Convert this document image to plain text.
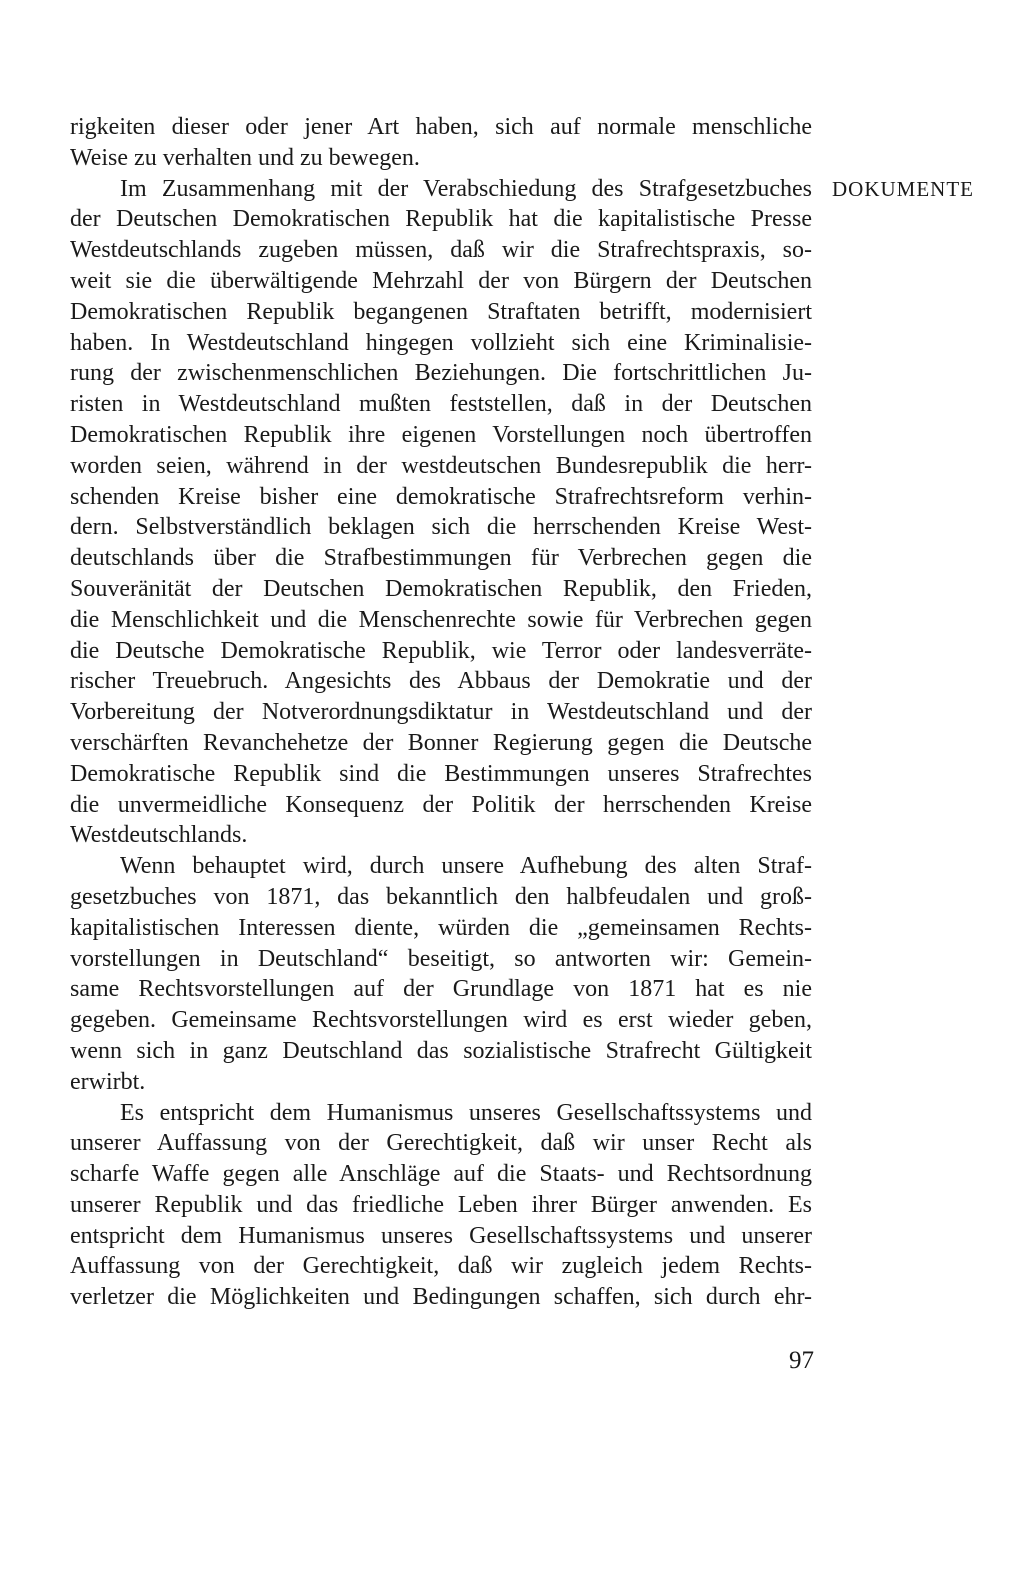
rigkeiten dieser oder jener Art haben, sich auf normale menschliche
Weise zu verhalten und zu bewegen.
Im Zusammenhang mit der Verabschiedung des Strafgesetzbuches
der Deutschen Demokratischen Republik hat die kapitalistische Presse
Westdeutschlands zugeben müssen, daß wir die Strafrechtspraxis, so-
weit sie die überwältigende Mehrzahl der von Bürgern der Deutschen
Demokratischen Republik begangenen Straftaten betrifft, modernisiert
haben. In Westdeutschland hingegen vollzieht sich eine Kriminalisie-
rung der zwischenmenschlichen Beziehungen. Die fortschrittlichen Ju-
risten in Westdeutschland mußten feststellen, daß in der Deutschen
Demokratischen Republik ihre eigenen Vorstellungen noch übertroffen
worden seien, während in der westdeutschen Bundesrepublik die herr-
schenden Kreise bisher eine demokratische Strafrechtsreform verhin-
dern. Selbstverständlich beklagen sich die herrschenden Kreise West-
deutschlands über die Strafbestimmungen für Verbrechen gegen die
Souveränität der Deutschen Demokratischen Republik, den Frieden,
die Menschlichkeit und die Menschenrechte sowie für Verbrechen gegen
die Deutsche Demokratische Republik, wie Terror oder landesverräte-
rischer Treuebruch. Angesichts des Abbaus der Demokratie und der
Vorbereitung der Notverordnungsdiktatur in Westdeutschland und der
verschärften Revanchehetze der Bonner Regierung gegen die Deutsche
Demokratische Republik sind die Bestimmungen unseres Strafrechtes
die unvermeidliche Konsequenz der Politik der herrschenden Kreise
Westdeutschlands.
Wenn behauptet wird, durch unsere Aufhebung des alten Straf-
gesetzbuches von 1871, das bekanntlich den halbfeudalen und groß-
kapitalistischen Interessen diente, würden die „gemeinsamen Rechts-
vorstellungen in Deutschland“ beseitigt, so antworten wir: Gemein-
same Rechtsvorstellungen auf der Grundlage von 1871 hat es nie
gegeben. Gemeinsame Rechtsvorstellungen wird es erst wieder geben,
wenn sich in ganz Deutschland das sozialistische Strafrecht Gültigkeit
erwirbt.
Es entspricht dem Humanismus unseres Gesellschaftssystems und
unserer Auffassung von der Gerechtigkeit, daß wir unser Recht als
scharfe Waffe gegen alle Anschläge auf die Staats- und Rechtsordnung
unserer Republik und das friedliche Leben ihrer Bürger anwenden. Es
entspricht dem Humanismus unseres Gesellschaftssystems und unserer
Auffassung von der Gerechtigkeit, daß wir zugleich jedem Rechts-
verletzer die Möglichkeiten und Bedingungen schaffen, sich durch ehr-
DOKUMENTE
97
